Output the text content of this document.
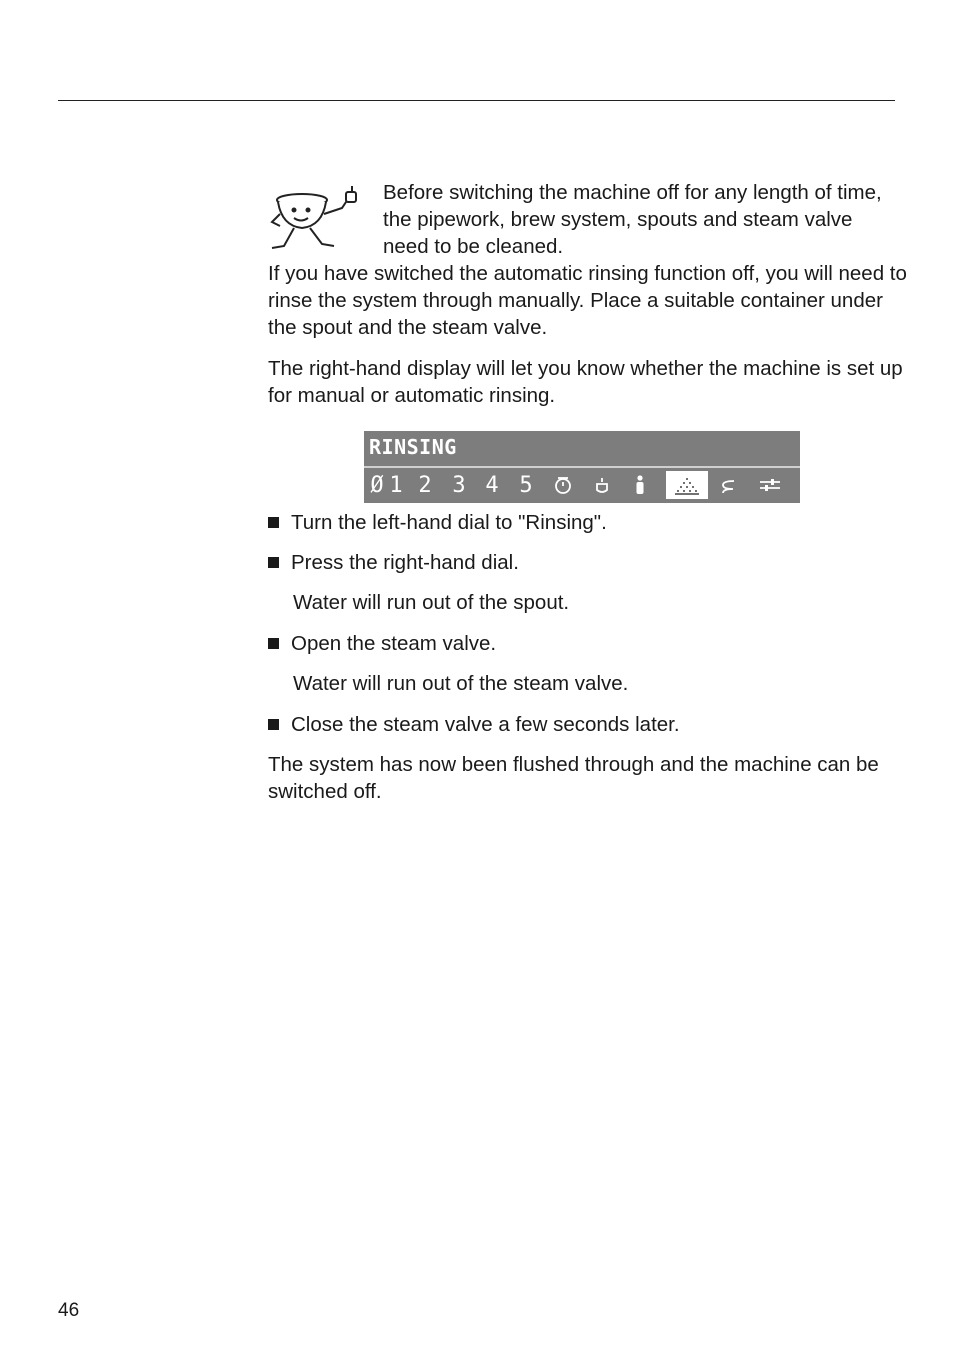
Before switching the machine off for any length of time, the pipework, brew system, spouts and steam valve need to be cleaned.

If you have switched the automatic rinsing function off, you will need to rinse the system through manually. Place a suitable container under the spout and the steam valve.

The right-hand display will let you know whether the machine is set up for manual or automatic rinsing.

RINSING
Ø 1 2 3 4 5
Turn the left-hand dial to "Rinsing".
Press the right-hand dial.
Water will run out of the spout.
Open the steam valve.
Water will run out of the steam valve.
Close the steam valve a few seconds later.

The system has now been flushed through and the machine can be switched off.

46
